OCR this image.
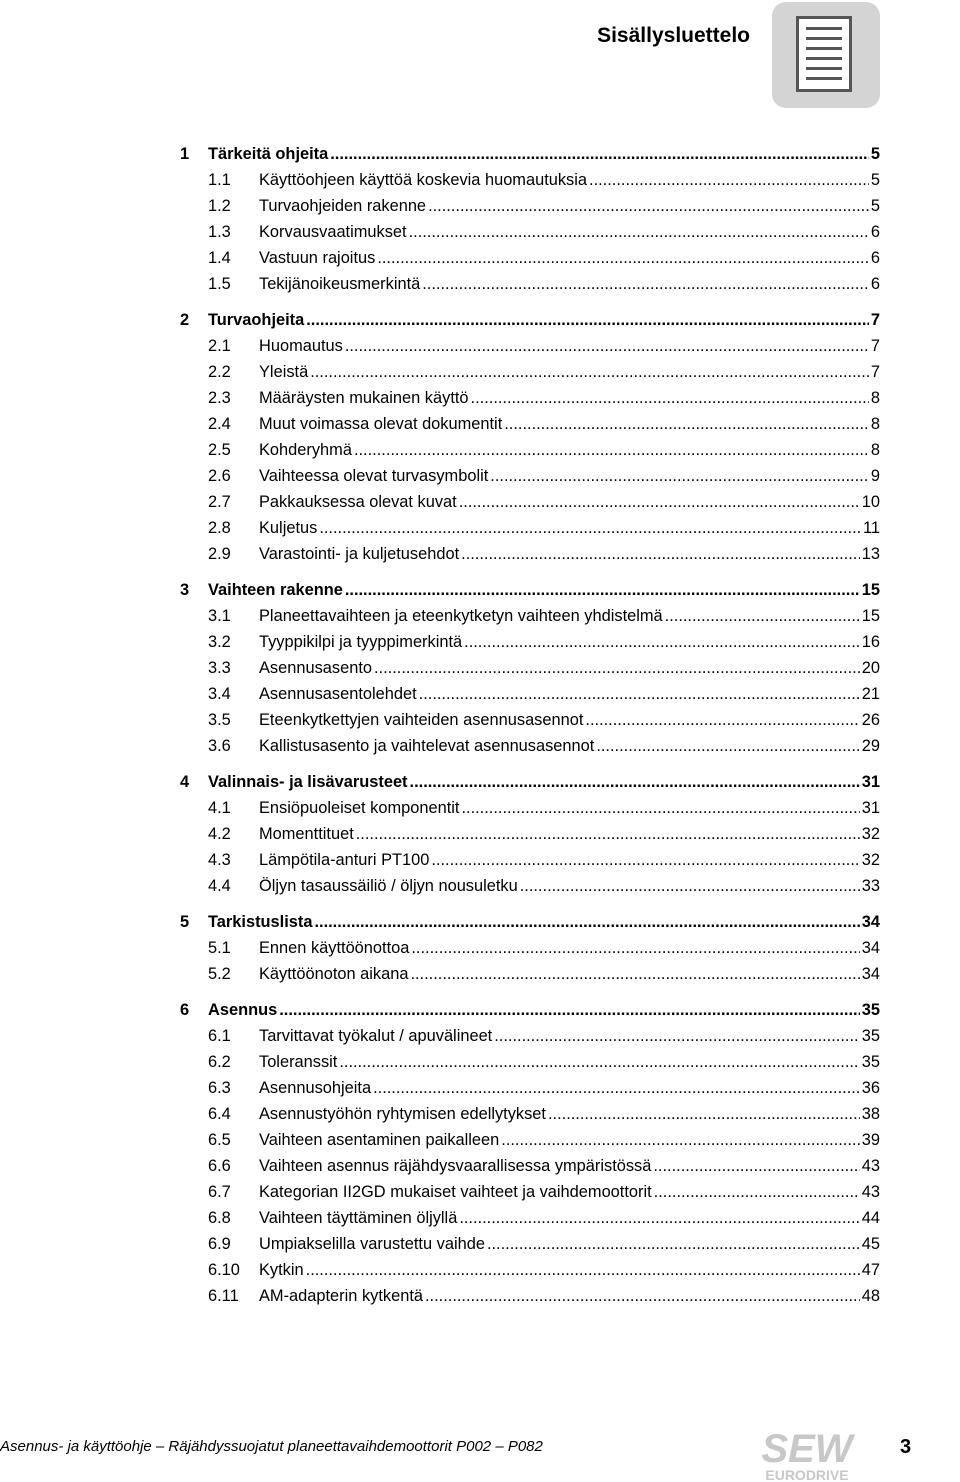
Sisällysluettelo
1	Tärkeitä ohjeita .....	5
1.1	Käyttöohjeen käyttöä koskevia huomautuksia .....	5
1.2	Turvaohjeiden rakenne .....	5
1.3	Korvausvaatimukset .....	6
1.4	Vastuun rajoitus .....	6
1.5	Tekijänoikeusmerkintä .....	6
2	Turvaohjeita .....	7
2.1	Huomautus .....	7
2.2	Yleistä .....	7
2.3	Määräysten mukainen käyttö .....	8
2.4	Muut voimassa olevat dokumentit .....	8
2.5	Kohderyhmä .....	8
2.6	Vaihteessa olevat turvasymbolit .....	9
2.7	Pakkauksessa olevat kuvat .....	10
2.8	Kuljetus .....	11
2.9	Varastointi- ja kuljetusehdot .....	13
3	Vaihteen rakenne .....	15
3.1	Planeettavaihteen ja eteenkytketyn vaihteen yhdistelmä .....	15
3.2	Tyyppikilpi ja tyyppimerkintä .....	16
3.3	Asennusasento .....	20
3.4	Asennusasentolehdet .....	21
3.5	Eteenkytkettyjen vaihteiden asennusasennot .....	26
3.6	Kallistusasento ja vaihtelevat asennusasennot .....	29
4	Valinnais- ja lisävarusteet .....	31
4.1	Ensiöpuoleiset komponentit .....	31
4.2	Momenttituet .....	32
4.3	Lämpötila-anturi PT100 .....	32
4.4	Öljyn tasaussäiliö / öljyn nousuletku .....	33
5	Tarkistuslista .....	34
5.1	Ennen käyttöönottoa .....	34
5.2	Käyttöönoton aikana .....	34
6	Asennus .....	35
6.1	Tarvittavat työkalut / apuvälineet .....	35
6.2	Toleranssit .....	35
6.3	Asennusohjeita .....	36
6.4	Asennustyöhön ryhtymisen edellytykset .....	38
6.5	Vaihteen asentaminen paikalleen .....	39
6.6	Vaihteen asennus räjähdysvaarallisessa ympäristössä .....	43
6.7	Kategorian II2GD mukaiset vaihteet ja vaihdemoottorit .....	43
6.8	Vaihteen täyttäminen öljyllä .....	44
6.9	Umpiakselilla varustettu vaihde .....	45
6.10	Kytkin .....	47
6.11	AM-adapterin kytkentä .....	48
Asennus- ja käyttöohje – Räjähdyssuojatut planeettavaihdemoottorit P002 – P082	SEW
EURODRIVE
3
